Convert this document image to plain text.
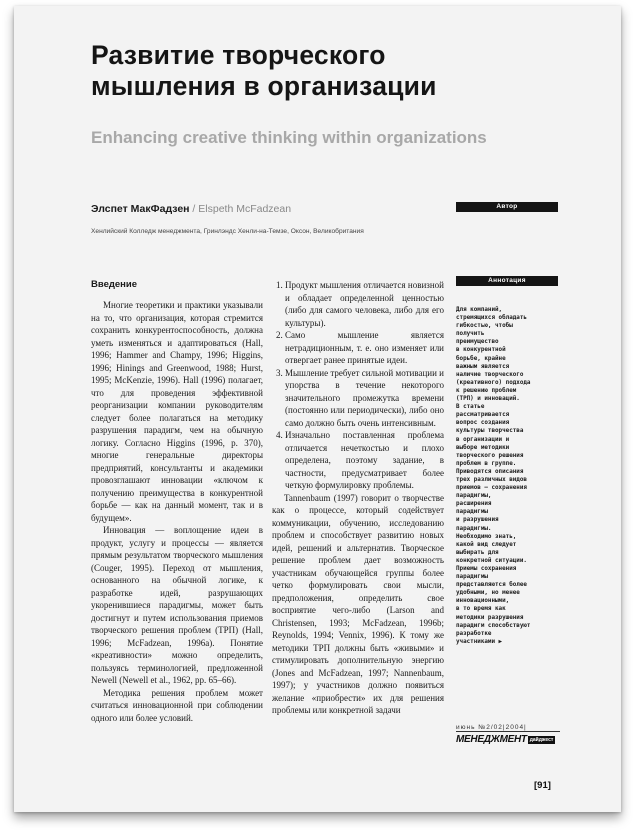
Развитие творческого мышления в организации
Enhancing creative thinking within organizations
Элспет МакФадзен / Elspeth McFadzean
Хенлийский Колледж менеджмента, Гринлэндс Хенли-на-Темзе, Оксон, Великобритания
Автор
Аннотация
Введение

Многие теоретики и практики указывали на то, что организация, которая стремится сохранить конкурентоспособность, должна уметь изменяться и адаптироваться (Hall, 1996; Hammer and Champy, 1996; Higgins, 1996; Hinings and Greenwood, 1988; Hurst, 1995; McKenzie, 1996). Hall (1996) полагает, что для проведения эффективной реорганизации компании руководителям следует более полагаться на методику разрушения парадигм, чем на обычную логику. Согласно Higgins (1996, p. 370), многие генеральные директоры предприятий, консультанты и академики провозглашают инновации «ключом к получению преимущества в конкурентной борьбе — как на данный момент, так и в будущем».

Инновация — воплощение идеи в продукт, услугу и процессы — является прямым результатом творческого мышления (Couger, 1995). Переход от мышления, основанного на обычной логике, к разработке идей, разрушающих укоренившиеся парадигмы, может быть достигнут и путем использования приемов творческого решения проблем (ТРП) (Hall, 1996; McFadzean, 1996a). Понятие «креативности» можно определить, пользуясь терминологией, предложенной Newell (Newell et al., 1962, pp. 65–66).

Методика решения проблем может считаться инновационной при соблюдении одного или более условий.

1. Продукт мышления отличается новизной и обладает определенной ценностью (либо для самого человека, либо для его культуры).
2. Само мышление является нетрадиционным, т. е. оно изменяет или отвергает ранее принятые идеи.
3. Мышление требует сильной мотивации и упорства в течение некоторого значительного промежутка времени (постоянно или периодически), либо оно само должно быть очень интенсивным.
4. Изначально поставленная проблема отличается нечеткостью и плохо определена, поэтому задание, в частности, предусматривает более четкую формулировку проблемы.

Tannenbaum (1997) говорит о творчестве как о процессе, который содействует коммуникации, обучению, исследованию проблем и способствует развитию новых идей, решений и альтернатив. Творческое решение проблем дает возможность участникам обучающейся группы более четко формулировать свои мысли, предположения, определить свое восприятие чего-либо (Larson and Christensen, 1993; McFadzean, 1996b; Reynolds, 1994; Vennix, 1996). К тому же методики ТРП должны быть «живыми» и стимулировать дополнительную энергию (Jones and McFadzean, 1997; Nannenbaum, 1997); у участников должно появиться желание «приобрести» их для решения проблемы или конкретной задачи

Для компаний,
стремящихся обладать
гибкостью, чтобы
получить
преимущество
в конкурентной
борьбе, крайне
важным является
наличие творческого
(креативного) подхода
к решению проблем
(ТРП) и инноваций.
В статье
рассматривается
вопрос создания
культуры творчества
в организации и
выборе методики
творческого решения
проблем в группе.
Приводятся описания
трех различных видов
приемов — сохранения
парадигмы,
расширения
парадигмы
и разрушения
парадигмы.
Необходимо знать,
какой вид следует
выбирать для
конкретной ситуации.
Приемы сохранения
парадигмы
представляются более
удобными, но менее
инновационными,
в то время как
методики разрушения
парадигм способствуют
разработке
участниками ▶
июнь №2/02|2004|
МЕНЕДЖМЕНТ дайджест
[91]
